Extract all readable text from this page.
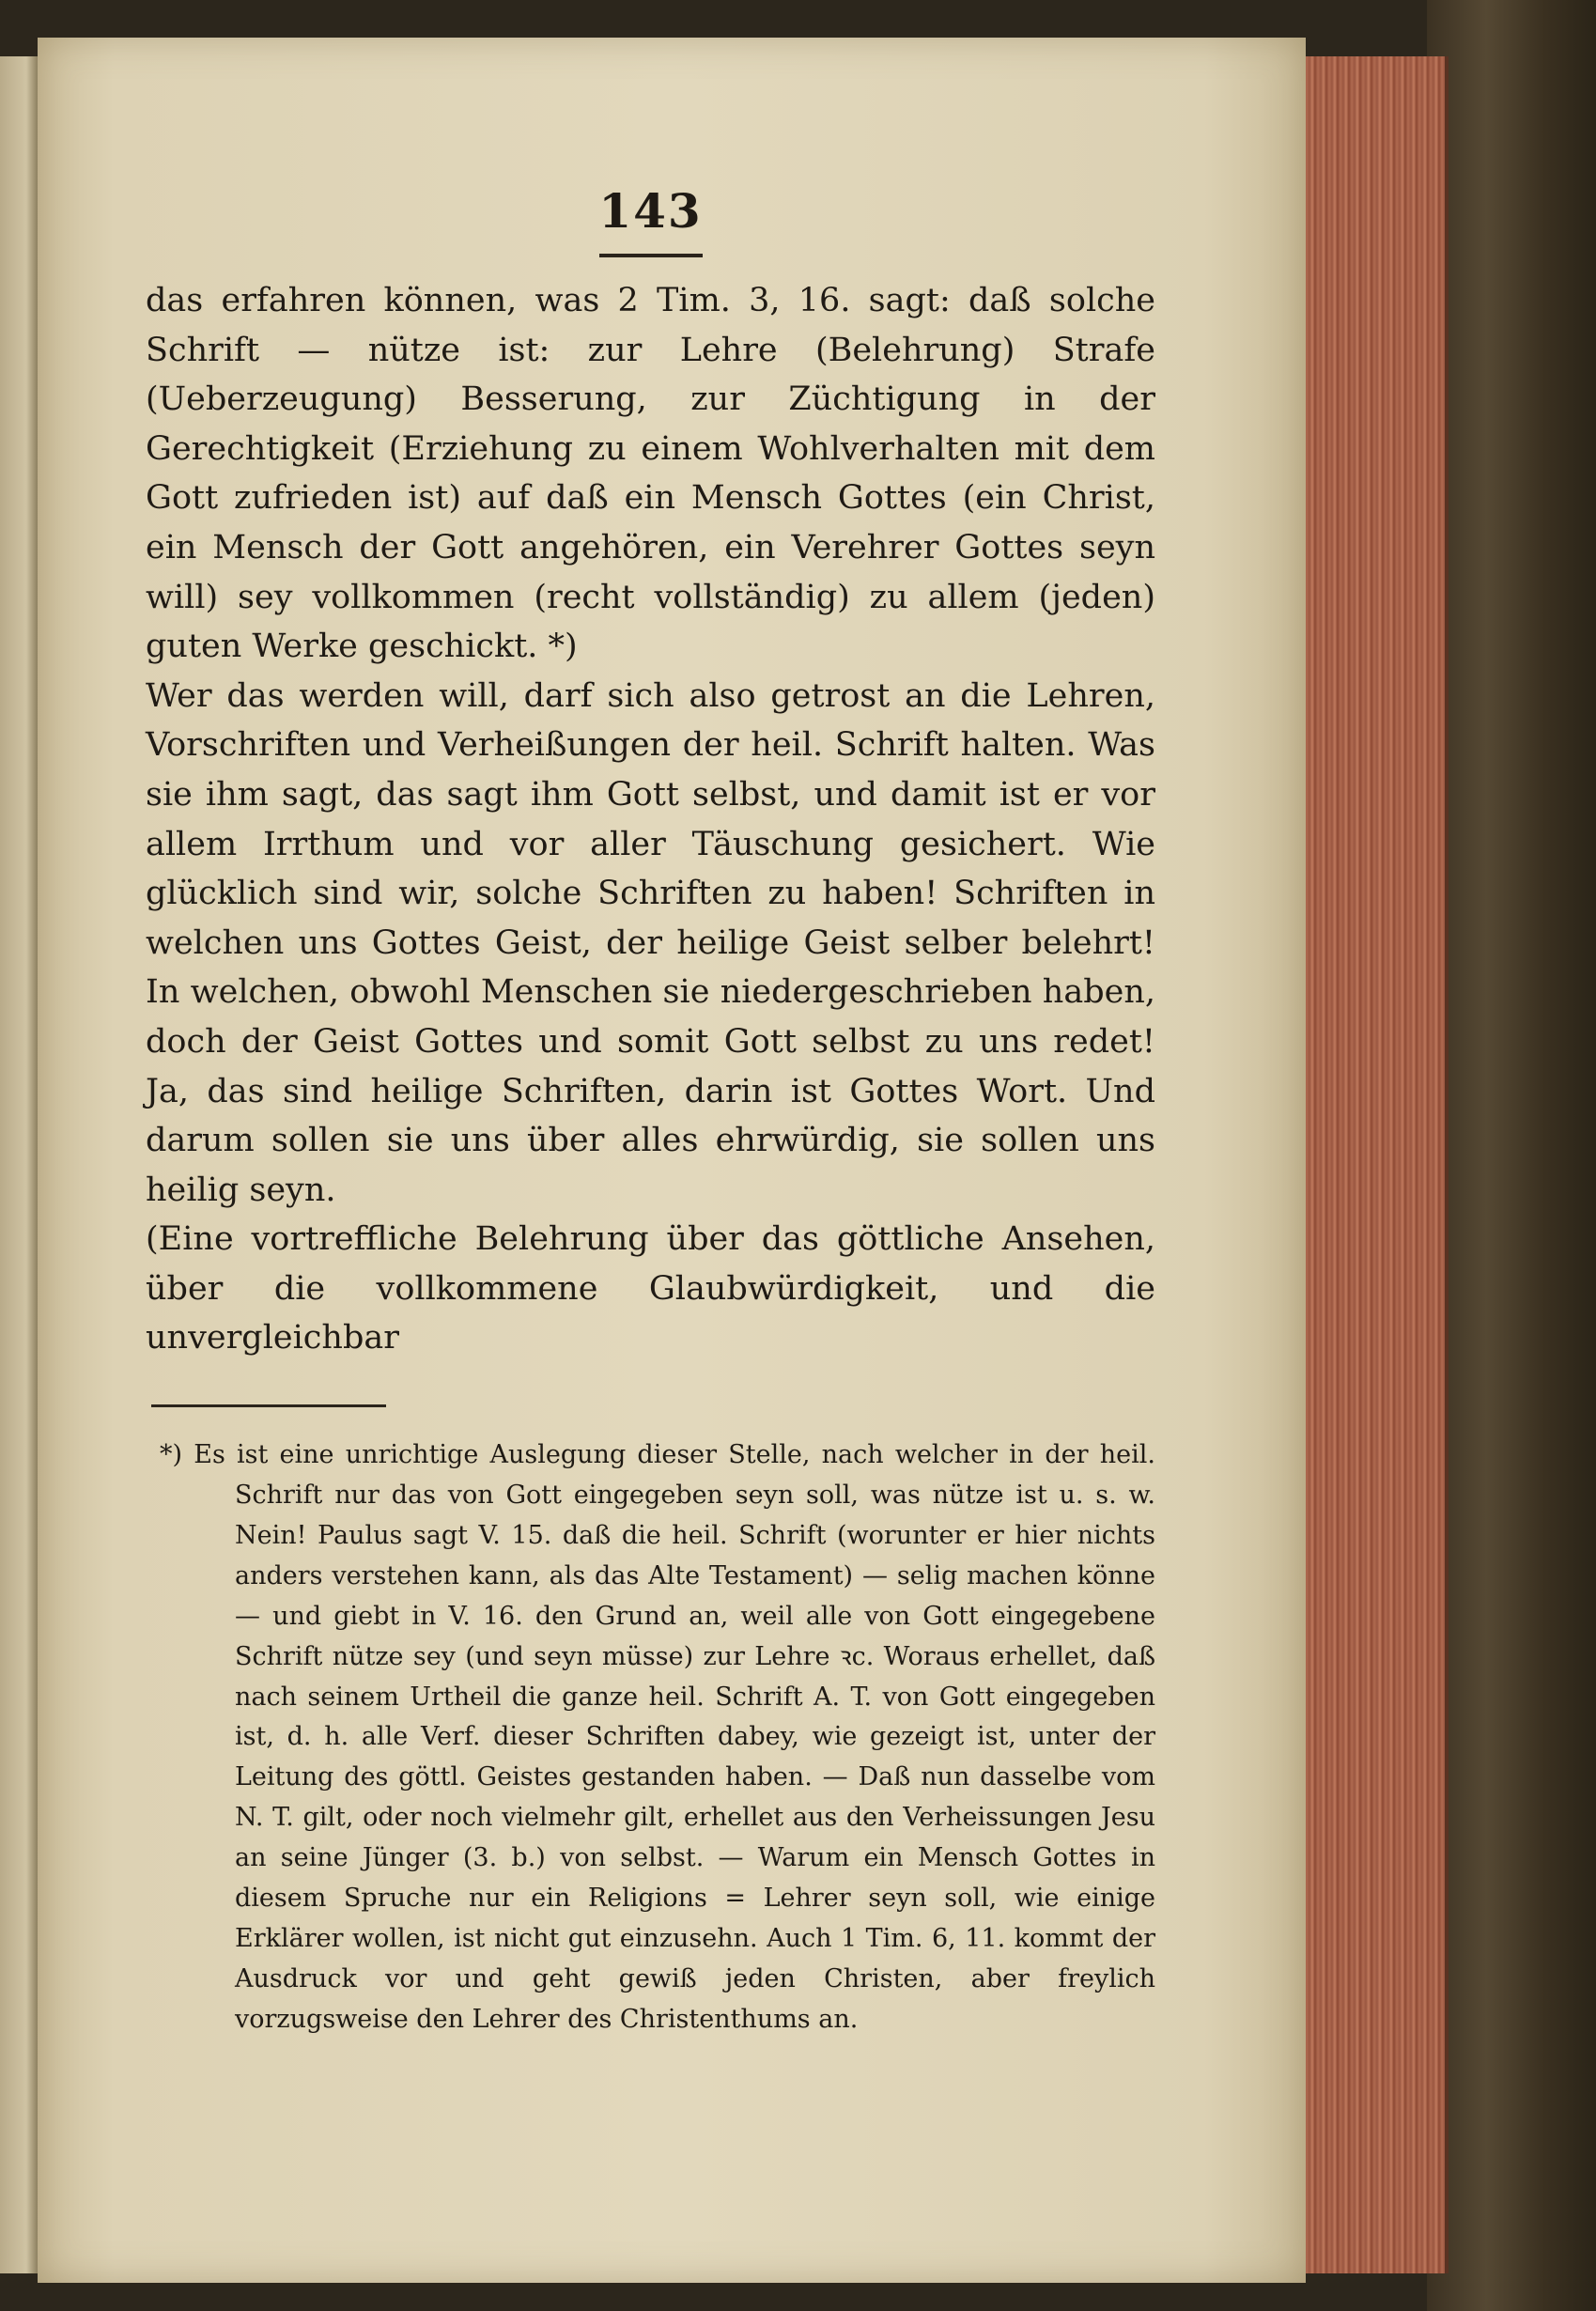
143

das erfahren können, was 2 Tim. 3, 16. sagt: daß solche Schrift — nütze ist: zur Lehre (Belehrung) Strafe (Ueberzeugung) Besserung, zur Züchtigung in der Gerechtigkeit (Erziehung zu einem Wohlverhalten mit dem Gott zufrieden ist) auf daß ein Mensch Gottes (ein Christ, ein Mensch der Gott angehören, ein Verehrer Gottes seyn will) sey vollkommen (recht vollständig) zu allem (jeden) guten Werke geschickt. *)

Wer das werden will, darf sich also getrost an die Lehren, Vorschriften und Verheißungen der heil. Schrift halten. Was sie ihm sagt, das sagt ihm Gott selbst, und damit ist er vor allem Irrthum und vor aller Täuschung gesichert. Wie glücklich sind wir, solche Schriften zu haben! Schriften in welchen uns Gottes Geist, der heilige Geist selber belehrt! In welchen, obwohl Menschen sie niedergeschrieben haben, doch der Geist Gottes und somit Gott selbst zu uns redet! Ja, das sind heilige Schriften, darin ist Gottes Wort. Und darum sollen sie uns über alles ehrwürdig, sie sollen uns heilig seyn.

(Eine vortreffliche Belehrung über das göttliche Ansehen, über die vollkommene Glaubwürdigkeit, und die unvergleichbar

*) Es ist eine unrichtige Auslegung dieser Stelle, nach welcher in der heil. Schrift nur das von Gott eingegeben seyn soll, was nütze ist u. s. w. Nein! Paulus sagt V. 15. daß die heil. Schrift (worunter er hier nichts anders verstehen kann, als das Alte Testament) — selig machen könne — und giebt in V. 16. den Grund an, weil alle von Gott eingegebene Schrift nütze sey (und seyn müsse) zur Lehre ꝛc. Woraus erhellet, daß nach seinem Urtheil die ganze heil. Schrift A. T. von Gott eingegeben ist, d. h. alle Verf. dieser Schriften dabey, wie gezeigt ist, unter der Leitung des göttl. Geistes gestanden haben. — Daß nun dasselbe vom N. T. gilt, oder noch vielmehr gilt, erhellet aus den Verheissungen Jesu an seine Jünger (3. b.) von selbst. — Warum ein Mensch Gottes in diesem Spruche nur ein Religions = Lehrer seyn soll, wie einige Erklärer wollen, ist nicht gut einzusehn. Auch 1 Tim. 6, 11. kommt der Ausdruck vor und geht gewiß jeden Christen, aber freylich vorzugsweise den Lehrer des Christenthums an.
